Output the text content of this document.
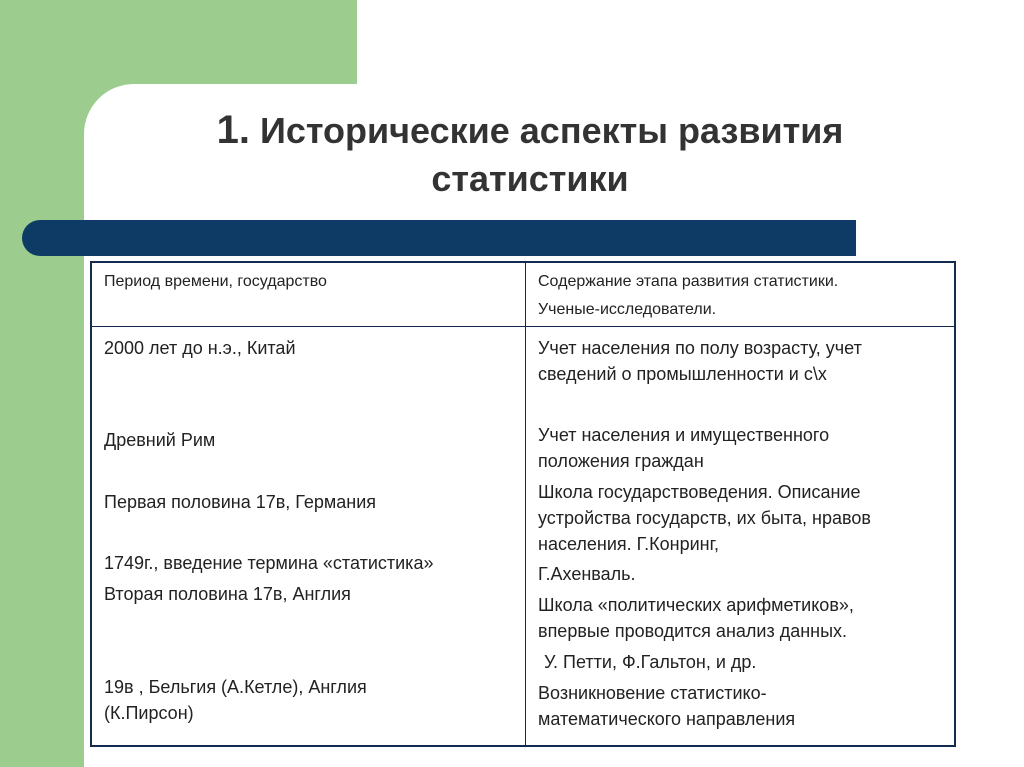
1. Исторические аспекты развития
статистики
Период времени, государство	Содержание этапа развития статистики.
Ученые-исследователи.
2000 лет до н.э., Китай
Древний Рим
Первая половина 17в, Германия
1749г., введение термина «статистика»
Вторая половина 17в, Англия
19в , Бельгия (А.Кетле), Англия
(К.Пирсон)
Учет населения по полу возрасту, учет
сведений о промышленности и с\х
Учет населения и имущественного
положения граждан
Школа государствоведения. Описание
устройства государств, их быта, нравов
населения. Г.Конринг,
Г.Ахенваль.
Школа «политических арифметиков»,
впервые проводится анализ данных.
У. Петти, Ф.Гальтон, и др.
Возникновение статистико-
математического направления
